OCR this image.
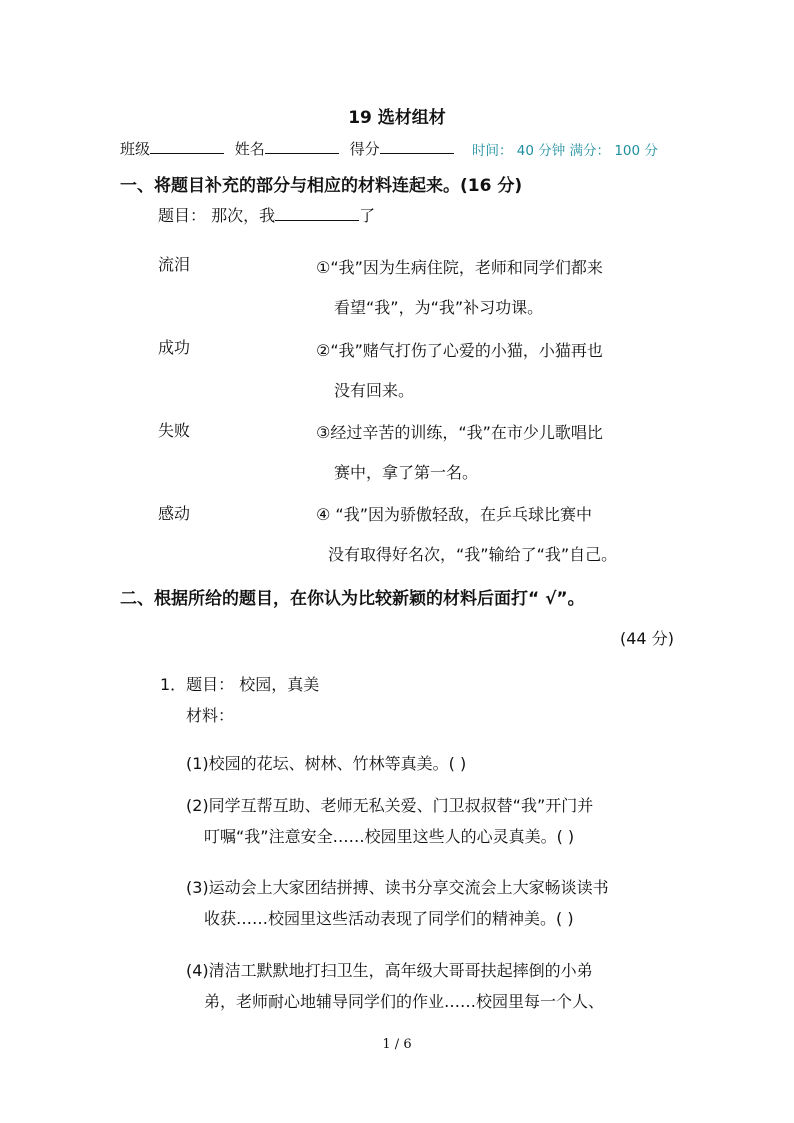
19 选材组材
班级	姓名	得分	时间： 40 分钟 满分： 100 分
一、将题目补充的部分与相应的材料连起来。(16 分)
题目： 那次，我	了
流泪
成功
失败
感动
①“我”因为生病住院，老师和同学们都来
看望“我”，为“我”补习功课。
②“我”赌气打伤了心爱的小猫，小猫再也
没有回来。
③经过辛苦的训练，“我”在市少儿歌唱比
赛中，拿了第一名。
④ “我”因为骄傲轻敌，在乒乓球比赛中
没有取得好名次，“我”输给了“我”自己。
二、根据所给的题目，在你认为比较新颖的材料后面打“ √”。
(44 分)
1．题目： 校园，真美
材料：
(1)校园的花坛、树林、竹林等真美。( )
(2)同学互帮互助、老师无私关爱、门卫叔叔替“我”开门并
叮嘱“我”注意安全……校园里这些人的心灵真美。( )
(3)运动会上大家团结拼搏、读书分享交流会上大家畅谈读书
收获……校园里这些活动表现了同学们的精神美。( )
(4)清洁工默默地打扫卫生，高年级大哥哥扶起摔倒的小弟
弟，老师耐心地辅导同学们的作业……校园里每一个人、
1 / 6
